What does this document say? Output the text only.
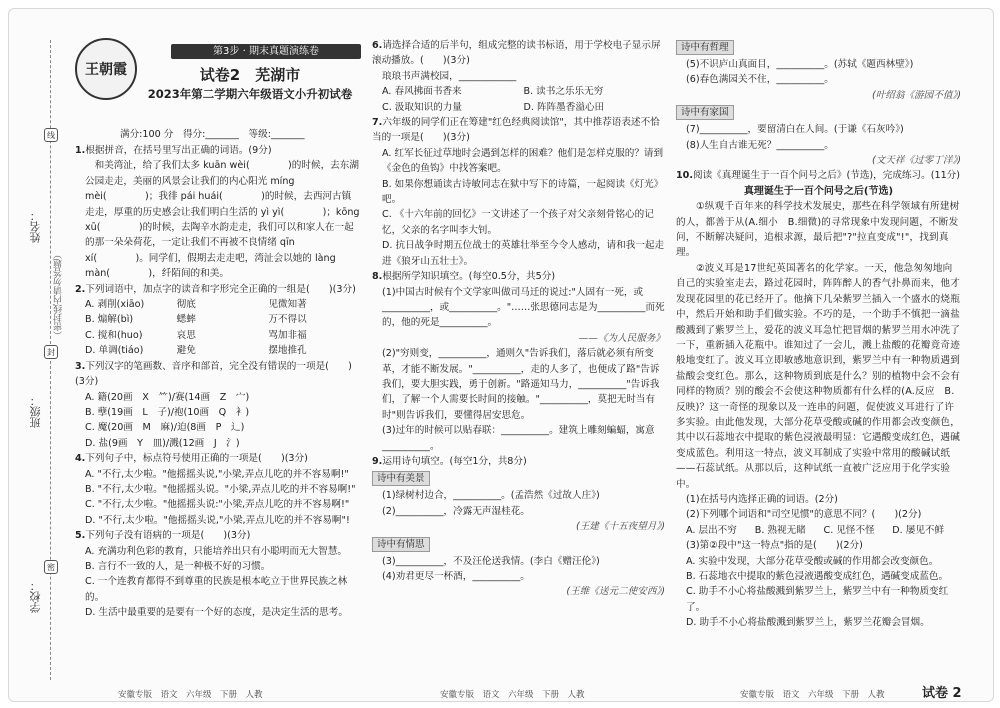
姓名：
班级：
学校：
（密封线内请勿答题）
线
封
密
王朝霞
第3步 · 期末真题演练卷
试卷2　芜湖市
2023年第二学期六年级语文小升初试卷
满分:100 分　得分:_______　等级:_______

1.根据拼音，在括号里写出正确的词语。(9分)

　和美湾沚，给了我们太多 kuān wèi(　　　　)的时候，去东湖公园走走，美丽的风景会让我们的内心阳光 míng mèi(　　　　)；我徘 pái huái(　　　　)的时候，去西河古镇走走，厚重的历史感会让我们明白生活的 yì yì(　　　　)；kōng xū(　　　　)的时候，去陶辛水韵走走，我们可以和家人在一起的那一朵朵荷花，一定让我们不再被不良情绪 qīn xí(　　　　)。同学们，假期去走走吧，湾沚会以她的 làng màn(　　　　)，纤陌间的和美。

2.下列词语中，加点字的读音和字形完全正确的一组是(　　)(3分)

A. 剥削(xiāo)	彻底	见微知著
B. 煽解(bì)	蟋蟀	万不得以
C. 搅和(huo)	哀思	骂加非福
D. 单调(tiáo)	避免	摆地推孔

3.下列汉字的笔画数、音序和部首，完全没有错误的一项是(　　)(3分)

A. 籍(20画　X　⺮)/赛(14画　Z　宀)

B. 孽(19画　L　子)/袍(10画　Q　衤)

C. 魔(20画　M　麻)/迫(8画　P　辶)

D. 盐(9画　Y　皿)/溅(12画　J　氵)

4.下列句子中，标点符号使用正确的一项是(　　)(3分)

A. "不行,太少啦。"他摇摇头说,"小梁,弄点儿吃的并不容易啊!"

B. "不行,太少啦。"他摇摇头说。"小梁,弄点儿吃的并不容易啊!"

C. "不行,太少啦。"他摇摇头说:"小梁,弄点儿吃的并不容易啊!"

D. "不行,太少啦。"他摇摇头说,"小梁,弄点儿吃的并不容易啊"!

5.下列句子没有语病的一项是(　　)(3分)

A. 充满功利色彩的教育，只能培养出只有小聪明而无大智慧。

B. 言行不一致的人，是一种极不好的习惯。

C. 一个连教育都得不到尊重的民族是根本屹立于世界民族之林的。

D. 生活中最重要的是要有一个好的态度，是决定生活的思考。

6.请选择合适的后半句，组成完整的读书标语，用于学校电子显示屏滚动播放。(　　)(3分)

琅琅书声满校园，____________

A. 春风拂面书香来	B. 读书之乐乐无穷
C. 汲取知识的力量	D. 阵阵墨香溢心田

7.六年级的同学们正在筹建"红色经典阅读馆"，其中推荐语表述不恰当的一项是(　　)(3分)

A. 红军长征过草地时会遇到怎样的困难？他们是怎样克服的？请到《金色的鱼钩》中找答案吧。

B. 如果你想诵读古诗敏同志在狱中写下的诗篇，一起阅读《灯光》吧。

C. 《十六年前的回忆》一文讲述了一个孩子对父亲刻骨铭心的记忆，父亲的名字叫李大钊。

D. 抗日战争时期五位战士的英雄壮举至今令人感动，请和我一起走进《狼牙山五壮士》。

8.根据所学知识填空。(每空0.5分，共5分)

(1)中国古时候有个文学家叫做司马迁的说过:"人固有一死，或__________，或__________。"……张思德同志是为__________而死的，他的死是__________。

——《为人民服务》

(2)"穷则变，__________，通则久"告诉我们，落后就必须有所变革，才能不断发展。"__________，走的人多了，也便成了路"告诉我们，要大胆实践，勇于创新。"路遥知马力，__________"告诉我们，了解一个人需要长时间的接触。"__________，莫把无时当有时"则告诉我们，要懂得居安思危。

(3)过年的时候可以贴春联：__________。建筑上雕刻蝙蝠，寓意__________。

9.运用诗句填空。(每空1分，共8分)

诗中有美景

(1)绿树村边合，__________。(孟浩然《过故人庄》)

(2)__________，冷露无声湿桂花。

(王建《十五夜望月》)

诗中有情思

(3)__________，不及汪伦送我情。(李白《赠汪伦》)

(4)劝君更尽一杯酒，__________。

(王维《送元二使安西》)

诗中有哲理

(5)不识庐山真面目，__________。(苏轼《题西林壁》)

(6)春色满园关不住，__________。

(叶绍翁《游园不值》)

诗中有家国

(7)__________，要留清白在人间。(于谦《石灰吟》)

(8)人生自古谁无死？__________。

(文天祥《过零丁洋》)

10.阅读《真理诞生于一百个问号之后》(节选)，完成练习。(11分)

真理诞生于一百个问号之后(节选)

①纵观千百年来的科学技术发展史，那些在科学领域有所建树的人，都善于从(A.细小　B.细微)的寻常现象中发现问题，不断发问，不断解决疑问，追根求源，最后把"?"拉直变成"!"，找到真理。

②波义耳是17世纪英国著名的化学家。一天，他急匆匆地向自己的实验室走去，路过花园时，阵阵醉人的香气扑鼻而来，他才发现花园里的花已经开了。他摘下几朵紫罗兰插入一个盛水的烧瓶中，然后开始和助手们做实验。不巧的是，一个助手不慎把一滴盐酸溅到了紫罗兰上，爱花的波义耳急忙把冒烟的紫罗兰用水冲洗了一下，重新插入花瓶中。谁知过了一会儿，溅上盐酸的花瓣竟奇迹般地变红了。波义耳立即敏感地意识到，紫罗兰中有一种物质遇到盐酸会变红色。那么，这种物质到底是什么？别的植物中会不会有同样的物质？别的酸会不会使这种物质都有什么样的(A.反应　B.反映)？这一奇怪的现象以及一连串的问题，促使波义耳进行了许多实验。由此他发现，大部分花草受酸或碱的作用都会改变颜色，其中以石蕊地衣中提取的紫色浸液最明显：它遇酸变成红色，遇碱变成蓝色。利用这一特点，波义耳制成了实验中常用的酸碱试纸——石蕊试纸。从那以后，这种试纸一直被广泛应用于化学实验中。

(1)在括号内选择正确的词语。(2分)

(2)下列哪个词语和"司空见惯"的意思不同？(　　)(2分)

A. 层出不穷	B. 熟视无睹	C. 见怪不怪	D. 屡见不鲜

(3)第②段中"这一特点"指的是(　　)(2分)

A. 实验中发现，大部分花草受酸或碱的作用都会改变颜色。

B. 石蕊地衣中提取的紫色浸液遇酸变成红色，遇碱变成蓝色。

C. 助手不小心将盐酸溅到紫罗兰上，紫罗兰中有一种物质变红了。

D. 助手不小心将盐酸溅到紫罗兰上，紫罗兰花瓣会冒烟。

安徽专版　语文　六年级　下册　人教	安徽专版　语文　六年级　下册　人教	安徽专版　语文　六年级　下册　人教	试卷 2
